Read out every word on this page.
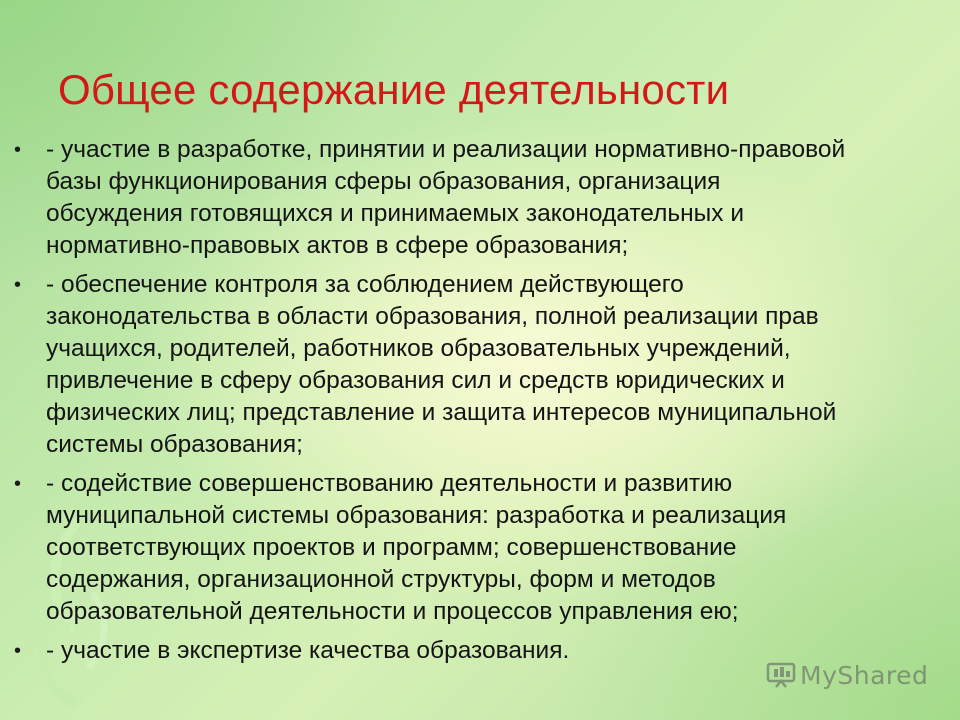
Общее содержание деятельности
• - участие в разработке, принятии и реализации нормативно-правовой
базы функционирования сферы образования, организация
обсуждения готовящихся и принимаемых законодательных и
нормативно-правовых актов в сфере образования;
• - обеспечение контроля за соблюдением действующего
законодательства в области образования, полной реализации прав
учащихся, родителей, работников образовательных учреждений,
привлечение в сферу образования сил и средств юридических и
физических лиц; представление и защита интересов муниципальной
системы образования;
• - содействие совершенствованию деятельности и развитию
муниципальной системы образования: разработка и реализация
соответствующих проектов и программ; совершенствование
содержания, организационной структуры, форм и методов
образовательной деятельности и процессов управления ею;
• - участие в экспертизе качества образования.
MyShared
